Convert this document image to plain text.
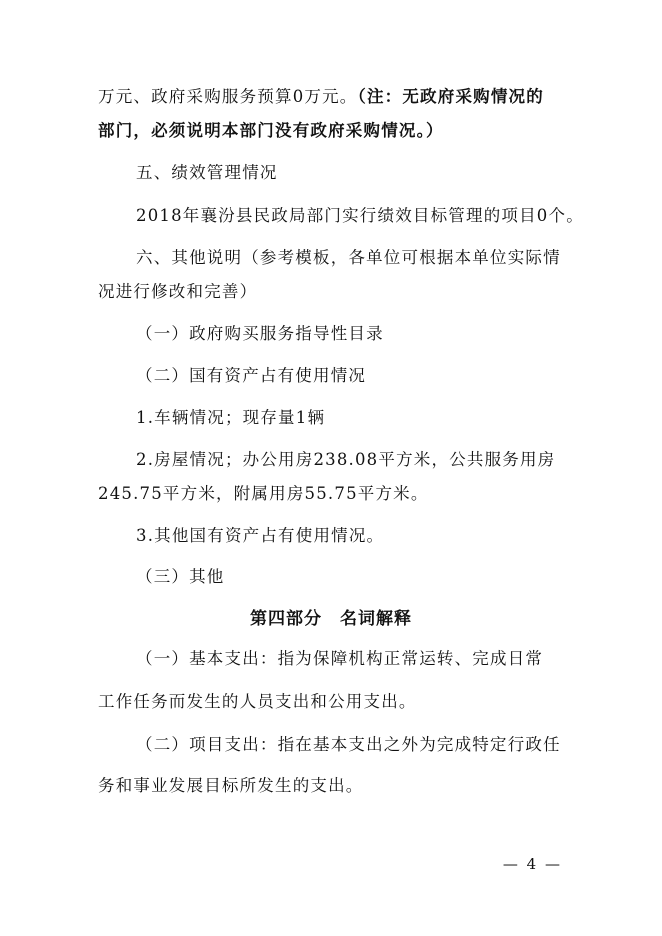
万元、政府采购服务预算0万元。（注：无政府采购情况的
部门，必须说明本部门没有政府采购情况。）
五、绩效管理情况
2018年襄汾县民政局部门实行绩效目标管理的项目0个。
六、其他说明（参考模板，各单位可根据本单位实际情
况进行修改和完善）
（一）政府购买服务指导性目录
（二）国有资产占有使用情况
1.车辆情况；现存量1辆
2.房屋情况；办公用房238.08平方米，公共服务用房
245.75平方米，附属用房55.75平方米。
3.其他国有资产占有使用情况。
（三）其他
第四部分　名词解释
（一）基本支出：指为保障机构正常运转、完成日常
工作任务而发生的人员支出和公用支出。
（二）项目支出：指在基本支出之外为完成特定行政任
务和事业发展目标所发生的支出。
— 4 —
